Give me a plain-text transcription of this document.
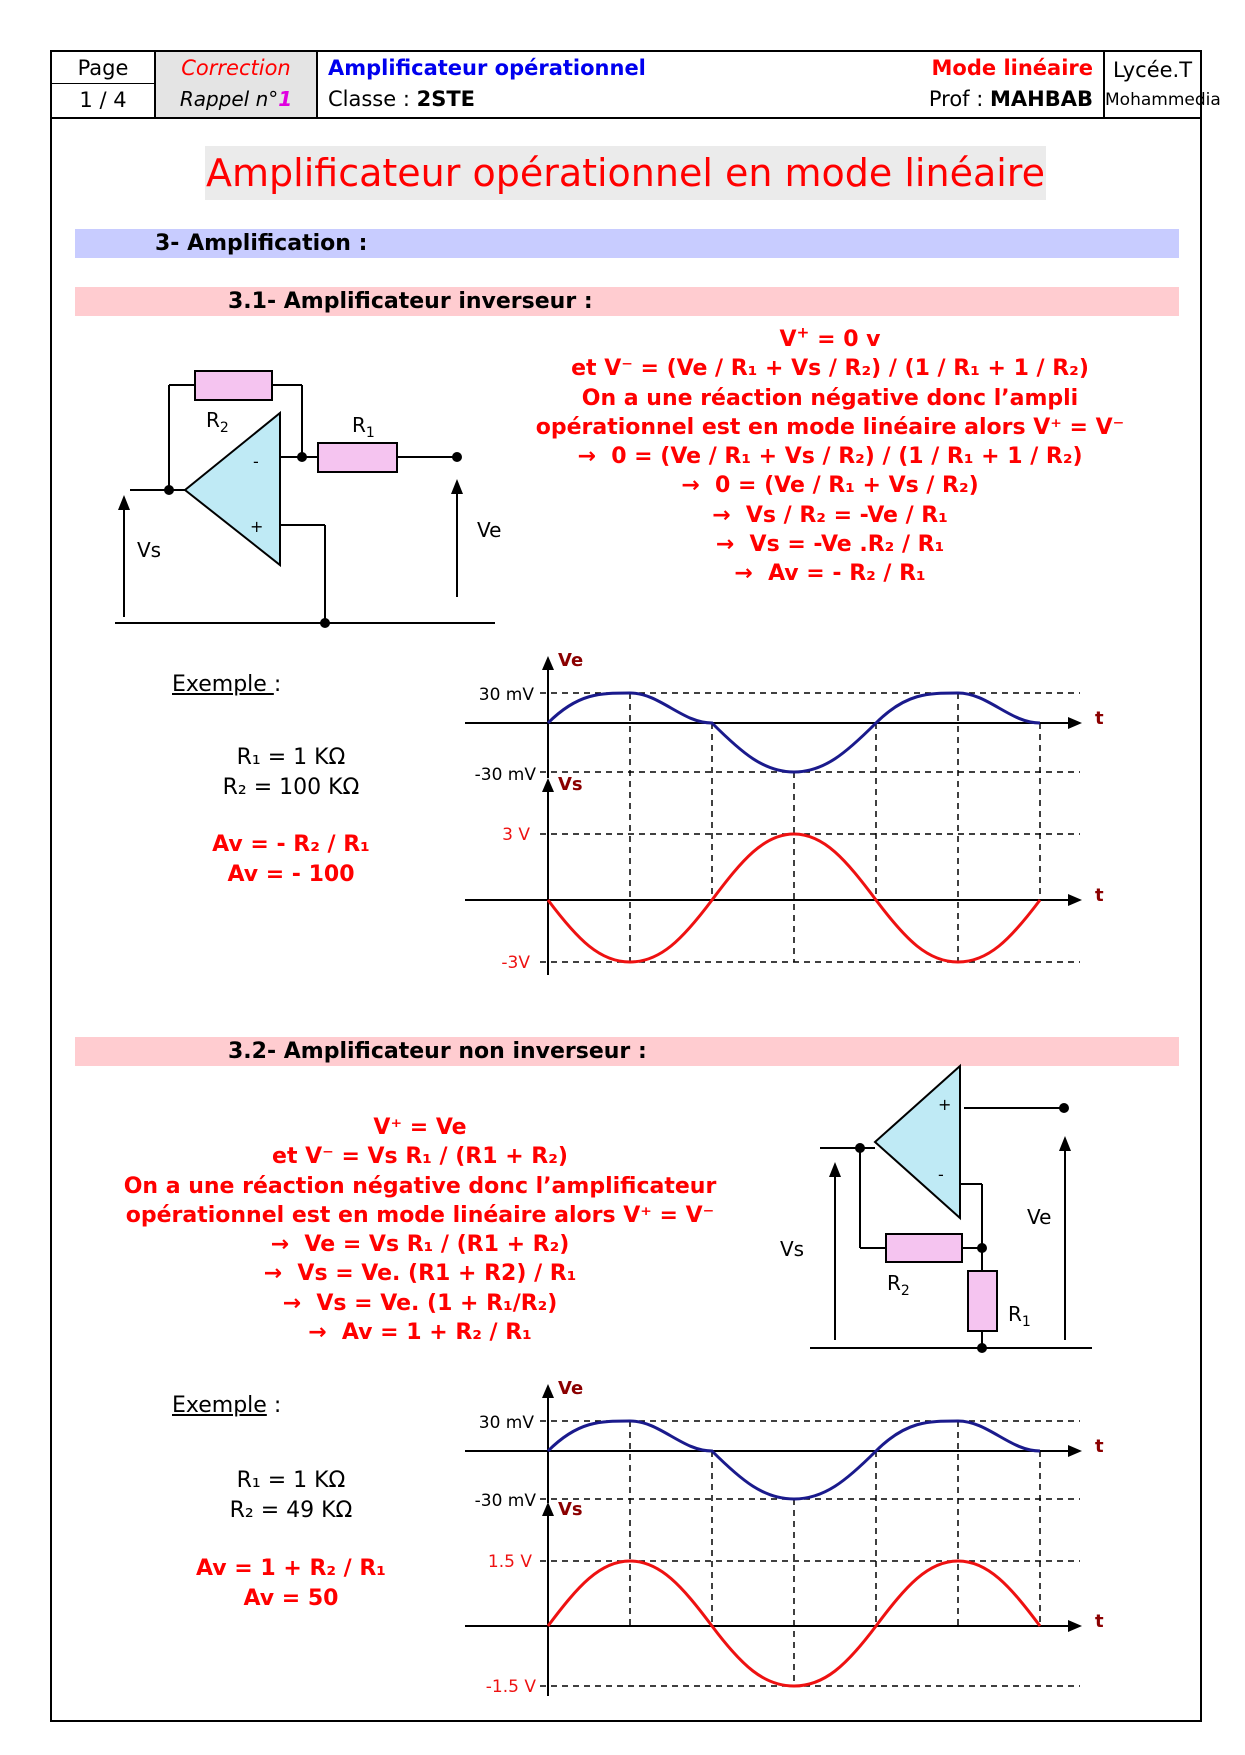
Page
1 / 4
Correction
Rappel n°1
Amplificateur opérationnel
Classe : 2STE
Mode linéaire
Prof : MAHBAB
Lycée.T
Mohammedia
Amplificateur opérationnel en mode linéaire
3- Amplification :
3.1- Amplificateur inverseur :
-
+
$R_2$	$R_1$
Vs
Ve
V+ = 0 v
et V⁻ = (Ve / R₁ + Vs / R₂) / (1 / R₁ + 1 / R₂)
On a une réaction négative donc l’ampli
opérationnel est en mode linéaire alors V⁺ = V⁻
→ 0 = (Ve / R₁ + Vs / R₂) / (1 / R₁ + 1 / R₂)
→ 0 = (Ve / R₁ + Vs / R₂)
→ Vs / R₂ = -Ve / R₁
→ Vs = -Ve .R₂ / R₁
→ Av = - R₂ / R₁
Exemple :
R₁ = 1 KΩ
R₂ = 100 KΩ
Av = - R₂ / R₁
Av = - 100
Ve
Vs
t
t
30 mV
-30 mV
3 V
-3V
3.2- Amplificateur non inverseur :
V⁺ = Ve
et V⁻ = Vs R₁ / (R1 + R₂)
On a une réaction négative donc l’amplificateur
opérationnel est en mode linéaire alors V⁺ = V⁻
→ Ve = Vs R₁ / (R1 + R₂)
→ Vs = Ve. (R1 + R2) / R₁
→ Vs = Ve. (1 + R₁/R₂)
→ Av = 1 + R₂ / R₁
+
-
$R_2$
$R_1$
Vs
Ve
Exemple :
R₁ = 1 KΩ
R₂ = 49 KΩ
Av = 1 + R₂ / R₁
Av = 50
Ve
Vs
t
t
30 mV
-30 mV
1.5 V
-1.5 V
